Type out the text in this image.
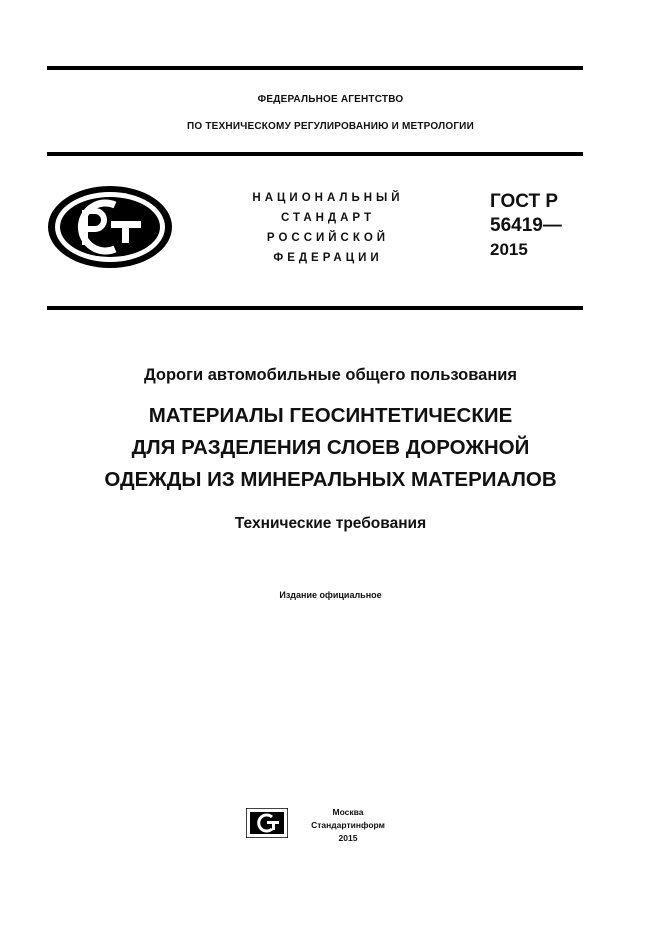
ФЕДЕРАЛЬНОЕ АГЕНТСТВО
ПО ТЕХНИЧЕСКОМУ РЕГУЛИРОВАНИЮ И МЕТРОЛОГИИ
НАЦИОНАЛЬНЫЙ
СТАНДАРТ
РОССИЙСКОЙ
ФЕДЕРАЦИИ
ГОСТ Р
56419—
2015
Дороги автомобильные общего пользования
МАТЕРИАЛЫ ГЕОСИНТЕТИЧЕСКИЕ
ДЛЯ РАЗДЕЛЕНИЯ СЛОЕВ ДОРОЖНОЙ
ОДЕЖДЫ ИЗ МИНЕРАЛЬНЫХ МАТЕРИАЛОВ
Технические требования
Издание официальное
Москва
Стандартинформ
2015
